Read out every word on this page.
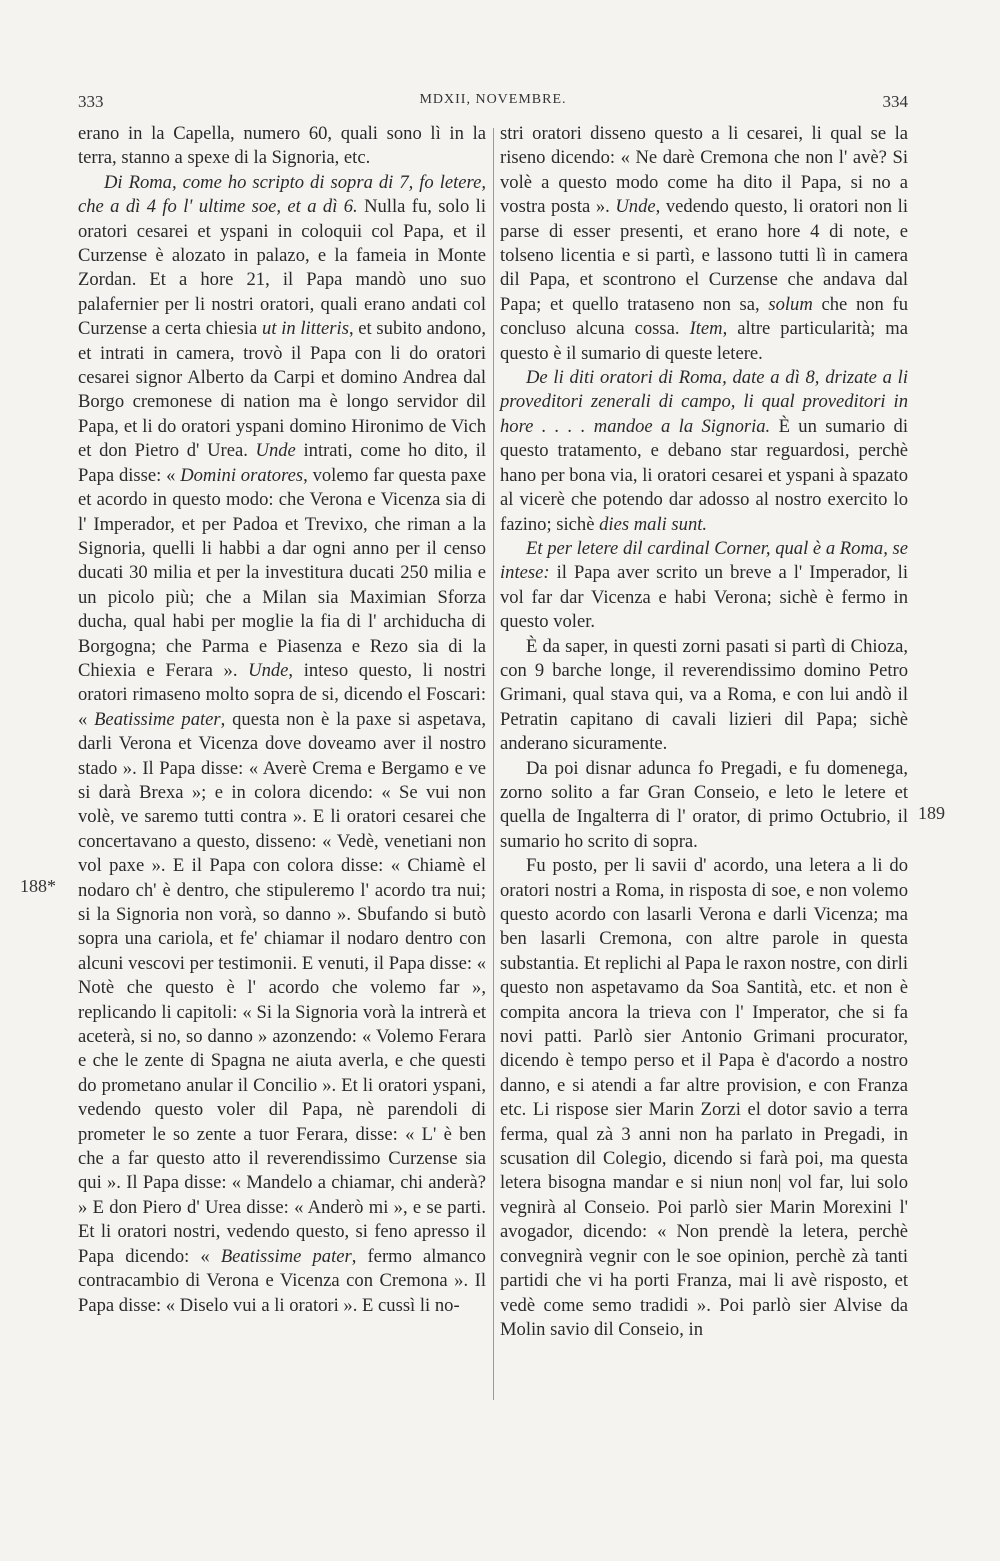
333	MDXII, NOVEMBRE.	334
188*
189

erano in la Capella, numero 60, quali sono lì in la terra, stanno a spexe di la Signoria, etc.

Di Roma, come ho scripto di sopra di 7, fo letere, che a dì 4 fo l' ultime soe, et a dì 6. Nulla fu, solo li oratori cesarei et yspani in coloquii col Papa, et il Curzense è alozato in palazo, e la fameia in Monte Zordan. Et a hore 21, il Papa mandò uno suo palafernier per li nostri oratori, quali erano andati col Curzense a certa chiesia ut in litteris, et subito andono, et intrati in camera, trovò il Papa con li do oratori cesarei signor Alberto da Carpi et domino Andrea dal Borgo cremonese di nation ma è longo servidor dil Papa, et li do oratori yspani domino Hironimo de Vich et don Pietro d' Urea. Unde intrati, come ho dito, il Papa disse: « Domini oratores, volemo far questa paxe et acordo in questo modo: che Verona e Vicenza sia di l' Imperador, et per Padoa et Trevixo, che riman a la Signoria, quelli li habbi a dar ogni anno per il censo ducati 30 milia et per la investitura ducati 250 milia e un picolo più; che a Milan sia Maximian Sforza ducha, qual habi per moglie la fia di l' archiducha di Borgogna; che Parma e Piasenza e Rezo sia di la Chiexia e Ferara ». Unde, inteso questo, li nostri oratori rimaseno molto sopra de si, dicendo el Foscari: « Beatissime pater, questa non è la paxe si aspetava, darli Verona et Vicenza dove doveamo aver il nostro stado ». Il Papa disse: « Averè Crema e Bergamo e ve si darà Brexa »; e in colora dicendo: « Se vui non volè, ve saremo tutti contra ». E li oratori cesarei che concertavano a questo, disseno: « Vedè, venetiani non vol paxe ». E il Papa con colora disse: « Chiamè el nodaro ch' è dentro, che stipuleremo l' acordo tra nui; si la Signoria non vorà, so danno ». Sbufando si butò sopra una cariola, et fe' chiamar il nodaro dentro con alcuni vescovi per testimonii. E venuti, il Papa disse: « Notè che questo è l' acordo che volemo far », replicando li capitoli: « Si la Signoria vorà la intrerà et aceterà, si no, so danno » azonzendo: « Volemo Ferara e che le zente di Spagna ne aiuta averla, e che questi do prometano anular il Concilio ». Et li oratori yspani, vedendo questo voler dil Papa, nè parendoli di prometer le so zente a tuor Ferara, disse: « L' è ben che a far questo atto il reverendissimo Curzense sia qui ». Il Papa disse: « Mandelo a chiamar, chi anderà? » E don Piero d' Urea disse: « Anderò mi », e se parti. Et li oratori nostri, vedendo questo, si feno apresso il Papa dicendo: « Beatissime pater, fermo almanco contracambio di Verona e Vicenza con Cremona ». Il Papa disse: « Diselo vui a li oratori ». E cussì li no-

stri oratori disseno questo a li cesarei, li qual se la riseno dicendo: « Ne darè Cremona che non l' avè? Si volè a questo modo come ha dito il Papa, si no a vostra posta ». Unde, vedendo questo, li oratori non li parse di esser presenti, et erano hore 4 di note, e tolseno licentia e si partì, e lassono tutti lì in camera dil Papa, et scontrono el Curzense che andava dal Papa; et quello trataseno non sa, solum che non fu concluso alcuna cossa. Item, altre particularità; ma questo è il sumario di queste letere.

De li diti oratori di Roma, date a dì 8, drizate a li proveditori zenerali di campo, li qual proveditori in hore . . . . mandoe a la Signoria. È un sumario di questo tratamento, e debano star reguardosi, perchè hano per bona via, li oratori cesarei et yspani à spazato al vicerè che potendo dar adosso al nostro exercito lo fazino; sichè dies mali sunt.

Et per letere dil cardinal Corner, qual è a Roma, se intese: il Papa aver scrito un breve a l' Imperador, li vol far dar Vicenza e habi Verona; sichè è fermo in questo voler.

È da saper, in questi zorni pasati si partì di Chioza, con 9 barche longe, il reverendissimo domino Petro Grimani, qual stava qui, va a Roma, e con lui andò il Petratin capitano di cavali lizieri dil Papa; sichè anderano sicuramente.

Da poi disnar adunca fo Pregadi, e fu domenega, zorno solito a far Gran Conseio, e leto le letere et quella de Ingalterra di l' orator, di primo Octubrio, il sumario ho scrito di sopra.

Fu posto, per li savii d' acordo, una letera a li do oratori nostri a Roma, in risposta di soe, e non volemo questo acordo con lasarli Verona e darli Vicenza; ma ben lasarli Cremona, con altre parole in questa substantia. Et replichi al Papa le raxon nostre, con dirli questo non aspetavamo da Soa Santità, etc. et non è compita ancora la trieva con l' Imperator, che si fa novi patti. Parlò sier Antonio Grimani procurator, dicendo è tempo perso et il Papa è d'acordo a nostro danno, e si atendi a far altre provision, e con Franza etc. Li rispose sier Marin Zorzi el dotor savio a terra ferma, qual zà 3 anni non ha parlato in Pregadi, in scusation dil Colegio, dicendo si farà poi, ma questa letera bisogna mandar e si niun non| vol far, lui solo vegnirà al Conseio. Poi parlò sier Marin Morexini l' avogador, dicendo: « Non prendè la letera, perchè convegnirà vegnir con le soe opinion, perchè zà tanti partidi che vi ha porti Franza, mai li avè risposto, et vedè come semo tradidi ». Poi parlò sier Alvise da Molin savio dil Conseio, in
